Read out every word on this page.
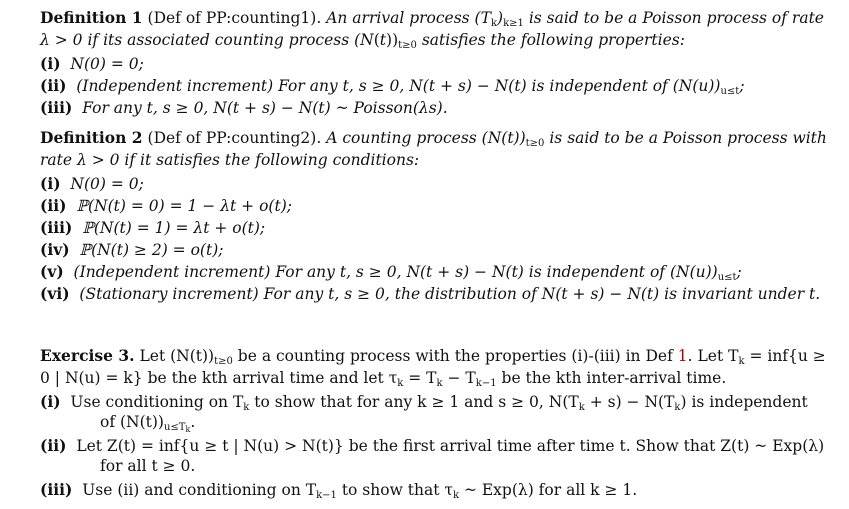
Definition 1 (Def of PP:counting1). An arrival process $(T_k)_{k\ge 1}$ is said to be a Poisson process of rate
λ > 0 if its associated counting process $(N(t))_{t\ge 0}$ satisfies the following properties:
(i) N(0) = 0;
(ii) (Independent increment) For any t, s ≥ 0, N(t + s) − N(t) is independent of $(N(u))_{u\le t}$;
(iii) For any t, s ≥ 0, N(t + s) − N(t) ~ Poisson(λs).
Definition 2 (Def of PP:counting2). A counting process $(N(t))_{t\ge 0}$ is said to be a Poisson process with
rate λ > 0 if it satisfies the following conditions:
(i) N(0) = 0;
(ii) ℙ(N(t) = 0) = 1 − λt + o(t);
(iii) ℙ(N(t) = 1) = λt + o(t);
(iv) ℙ(N(t) ≥ 2) = o(t);
(v) (Independent increment) For any t, s ≥ 0, N(t + s) − N(t) is independent of $(N(u))_{u\le t}$;
(vi) (Stationary increment) For any t, s ≥ 0, the distribution of N(t + s) − N(t) is invariant under t.
Exercise 3. Let $(N(t))_{t\ge 0}$ be a counting process with the properties (i)-(iii) in Def 1. Let $T_k = inf\{u$ ≥
0 | N(u) = k} be the kth arrival time and let $\tau_k = T_k - T_{k-1}$ be the kth inter-arrival time.
(i) Use conditioning on $T_k$ to show that for any k ≥ 1 and s ≥ 0, $N(T_k + s) - N(T_k)$ is independent
of $(N(t))_{u\le Tk}$.
(ii) Let Z(t) = inf{u ≥ t | N(u) > N(t)} be the first arrival time after time t. Show that Z(t) ~ Exp(λ)
for all t ≥ 0.
(iii) Use (ii) and conditioning on $T_{k-1}$ to show that $\tau_k$ ~ Exp(λ) for all k ≥ 1.
